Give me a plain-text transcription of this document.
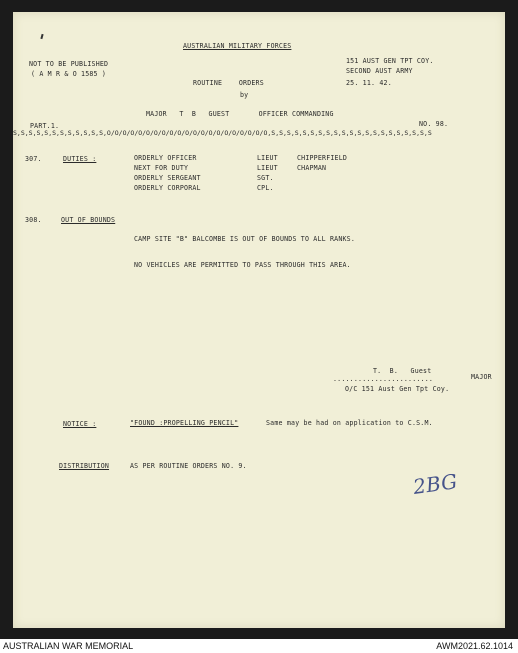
NOT TO BE PUBLISHED
( A M R & O 1585 )
AUSTRALIAN MILITARY FORCES
151 AUST GEN TPT COY.
SECOND AUST ARMY
25. 11. 42.
ROUTINE    ORDERS
by
MAJOR   T  B   GUEST       OFFICER COMMANDING
PART.1.	NO. 98.
S,S,S,S,S,S,S,S,S,S,S,S,O/O/O/O/O/O/O/O/O/O/O/O/O/O/O/O/O/O/O/O/O,S,S,S,S,S,S,S,S,S,S,S,S,S,S,S,S,S,S,S,S,S
307.	DUTIES :	ORDERLY OFFICER	LIEUT	CHIPPERFIELD
NEXT FOR DUTY	LIEUT	CHAPMAN
ORDERLY SERGEANT	SGT.
ORDERLY CORPORAL	CPL.
308.	OUT OF BOUNDS
CAMP SITE "B" BALCOMBE IS OUT OF BOUNDS TO ALL RANKS.
NO VEHICLES ARE PERMITTED TO PASS THROUGH THIS AREA.
T.  B.   Guest
........................	MAJOR
O/C 151 Aust Gen Tpt Coy.
NOTICE :	"FOUND :PROPELLING PENCIL"	Same may be had on application to C.S.M.
DISTRIBUTION	AS PER ROUTINE ORDERS NO. 9.
2BG
AUSTRALIAN WAR MEMORIAL	AWM2021.62.1014
